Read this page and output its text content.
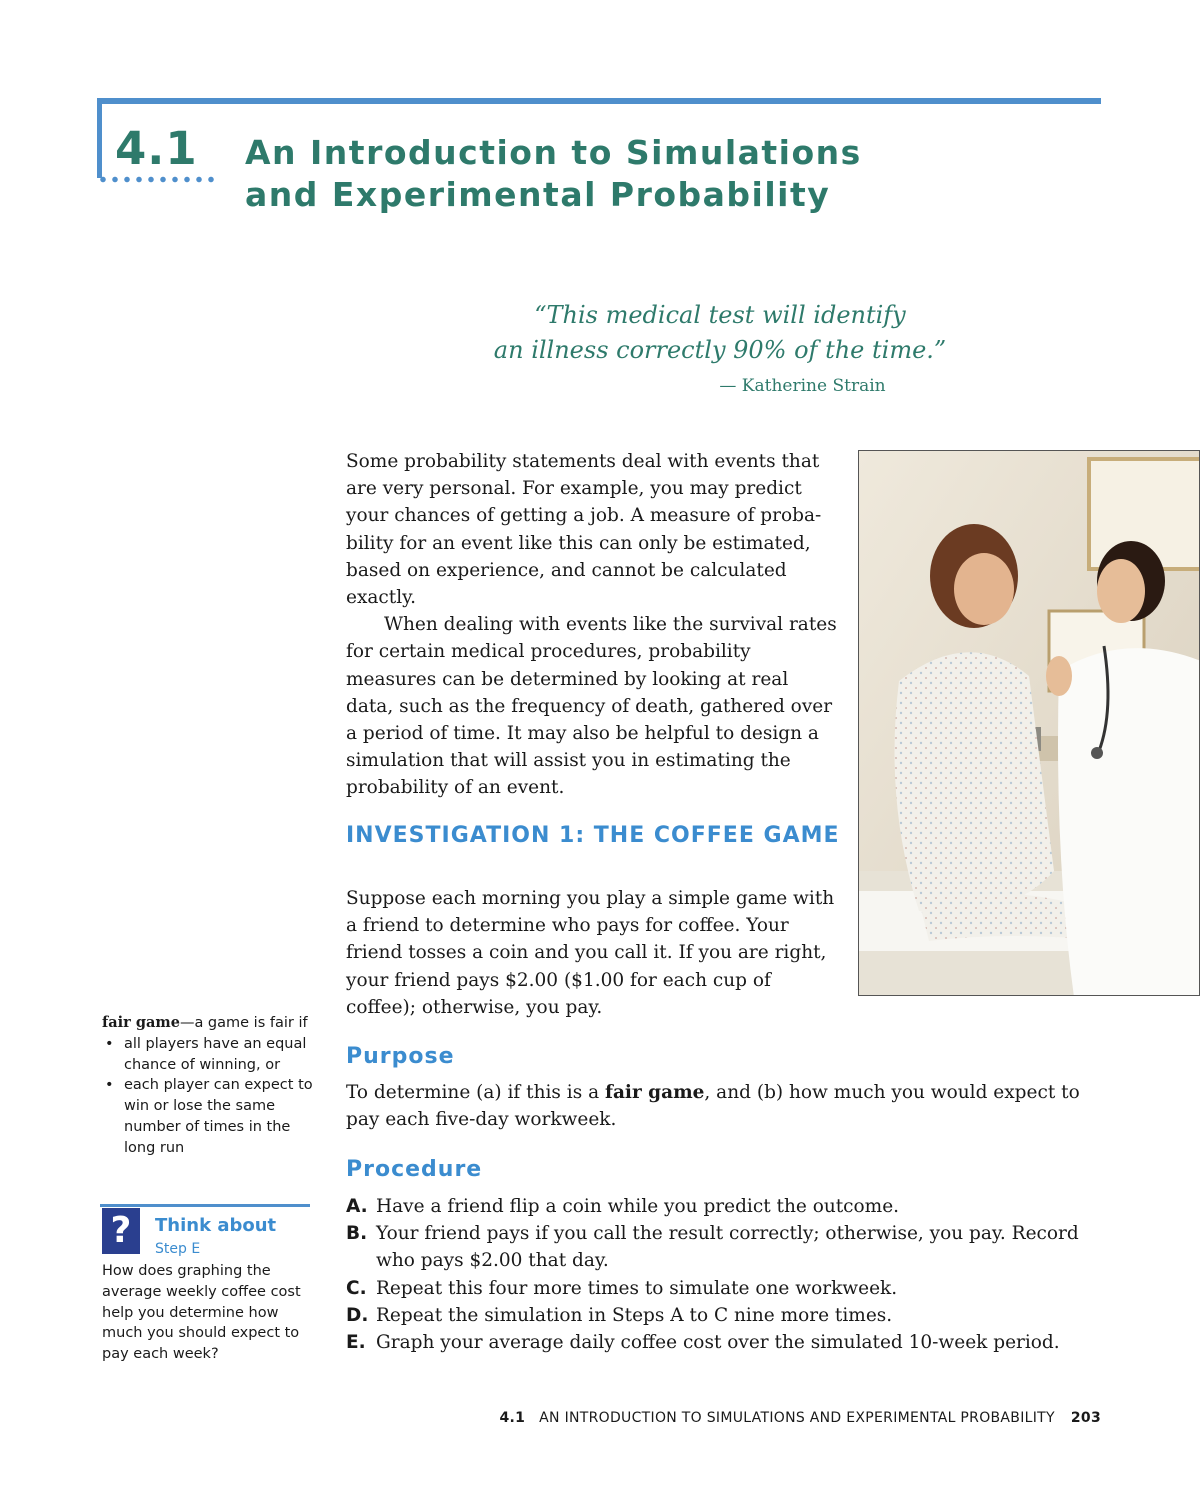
4.1 An Introduction to Simulations
and Experimental Probability
“This medical test will identify
an illness correctly 90% of the time.”
— Katherine Strain

Some probability statements deal with events that are very personal. For example, you may predict your chances of getting a job. A measure of proba-bility for an event like this can only be estimated, based on experience, and cannot be calculated exactly.

When dealing with events like the survival rates for certain medical procedures, probability measures can be determined by looking at real data, such as the frequency of death, gathered over a period of time. It may also be helpful to design a simulation that will assist you in estimating the probability of an event.

INVESTIGATION 1: THE COFFEE GAME

Suppose each morning you play a simple game with a friend to determine who pays for coffee. Your friend tosses a coin and you call it. If you are right, your friend pays $2.00 ($1.00 for each cup of coffee); otherwise, you pay.

Purpose

To determine (a) if this is a fair game, and (b) how much you would expect to pay each five-day workweek.

Procedure
A. Have a friend flip a coin while you predict the outcome.
B. Your friend pays if you call the result correctly; otherwise, you pay. Record who pays $2.00 that day.
C. Repeat this four more times to simulate one workweek.
D. Repeat the simulation in Steps A to C nine more times.
E. Graph your average daily coffee cost over the simulated 10-week period.
fair game—a game is fair if
• all players have an equal chance of winning, or
• each player can expect to win or lose the same number of times in the long run
?	Think about
Step E

How does graphing the average weekly coffee cost help you determine how much you should expect to pay each week?

4.1 AN INTRODUCTION TO SIMULATIONS AND EXPERIMENTAL PROBABILITY 203
